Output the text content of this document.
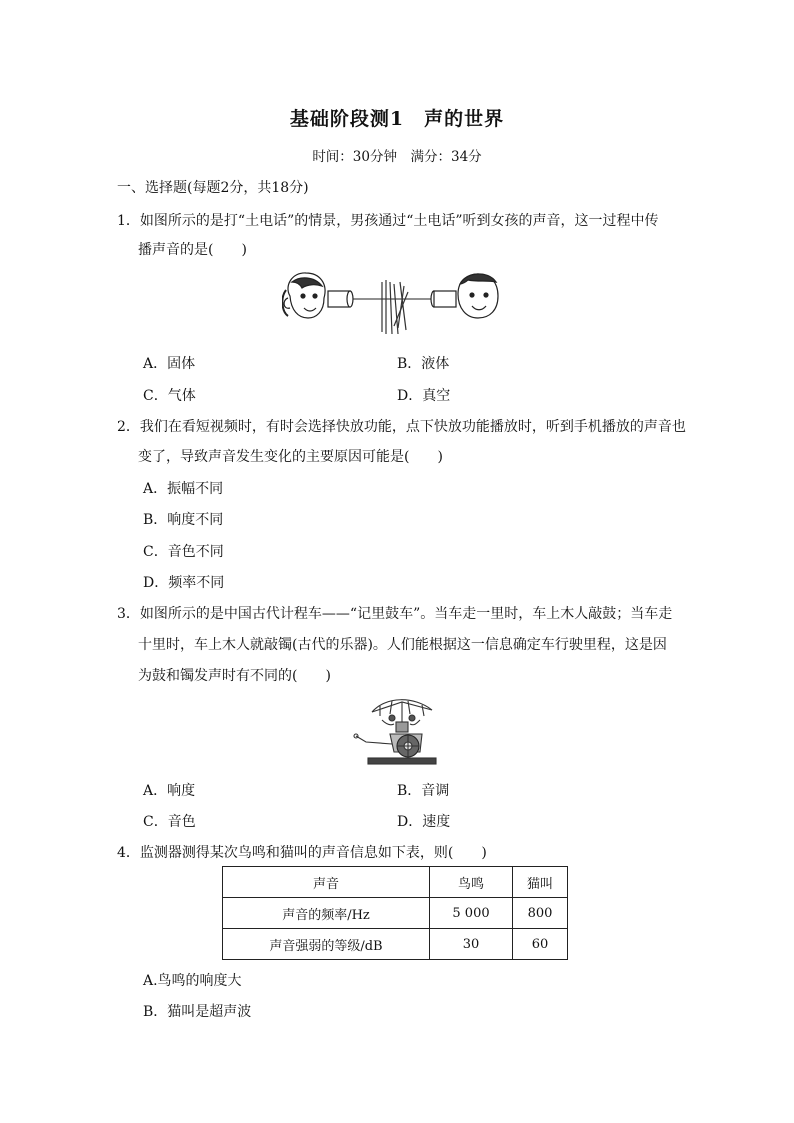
基础阶段测1　声的世界
时间：30分钟　满分：34分
一、选择题(每题2分，共18分)
1．如图所示的是打“土电话”的情景，男孩通过“土电话”听到女孩的声音，这一过程中传
播声音的是(　　)
A．固体	B．液体
C．气体	D．真空
2．我们在看短视频时，有时会选择快放功能，点下快放功能播放时，听到手机播放的声音也
变了，导致声音发生变化的主要原因可能是(　　)
A．振幅不同
B．响度不同
C．音色不同
D．频率不同
3．如图所示的是中国古代计程车——“记里鼓车”。当车走一里时，车上木人敲鼓；当车走
十里时，车上木人就敲镯(古代的乐器)。人们能根据这一信息确定车行驶里程，这是因
为鼓和镯发声时有不同的(　　)
A．响度	B．音调
C．音色	D．速度
4．监测器测得某次鸟鸣和猫叫的声音信息如下表，则(　　)
声音	鸟鸣	猫叫
声音的频率/Hz	5 000	800
声音强弱的等级/dB	30	60
A.鸟鸣的响度大
B．猫叫是超声波
